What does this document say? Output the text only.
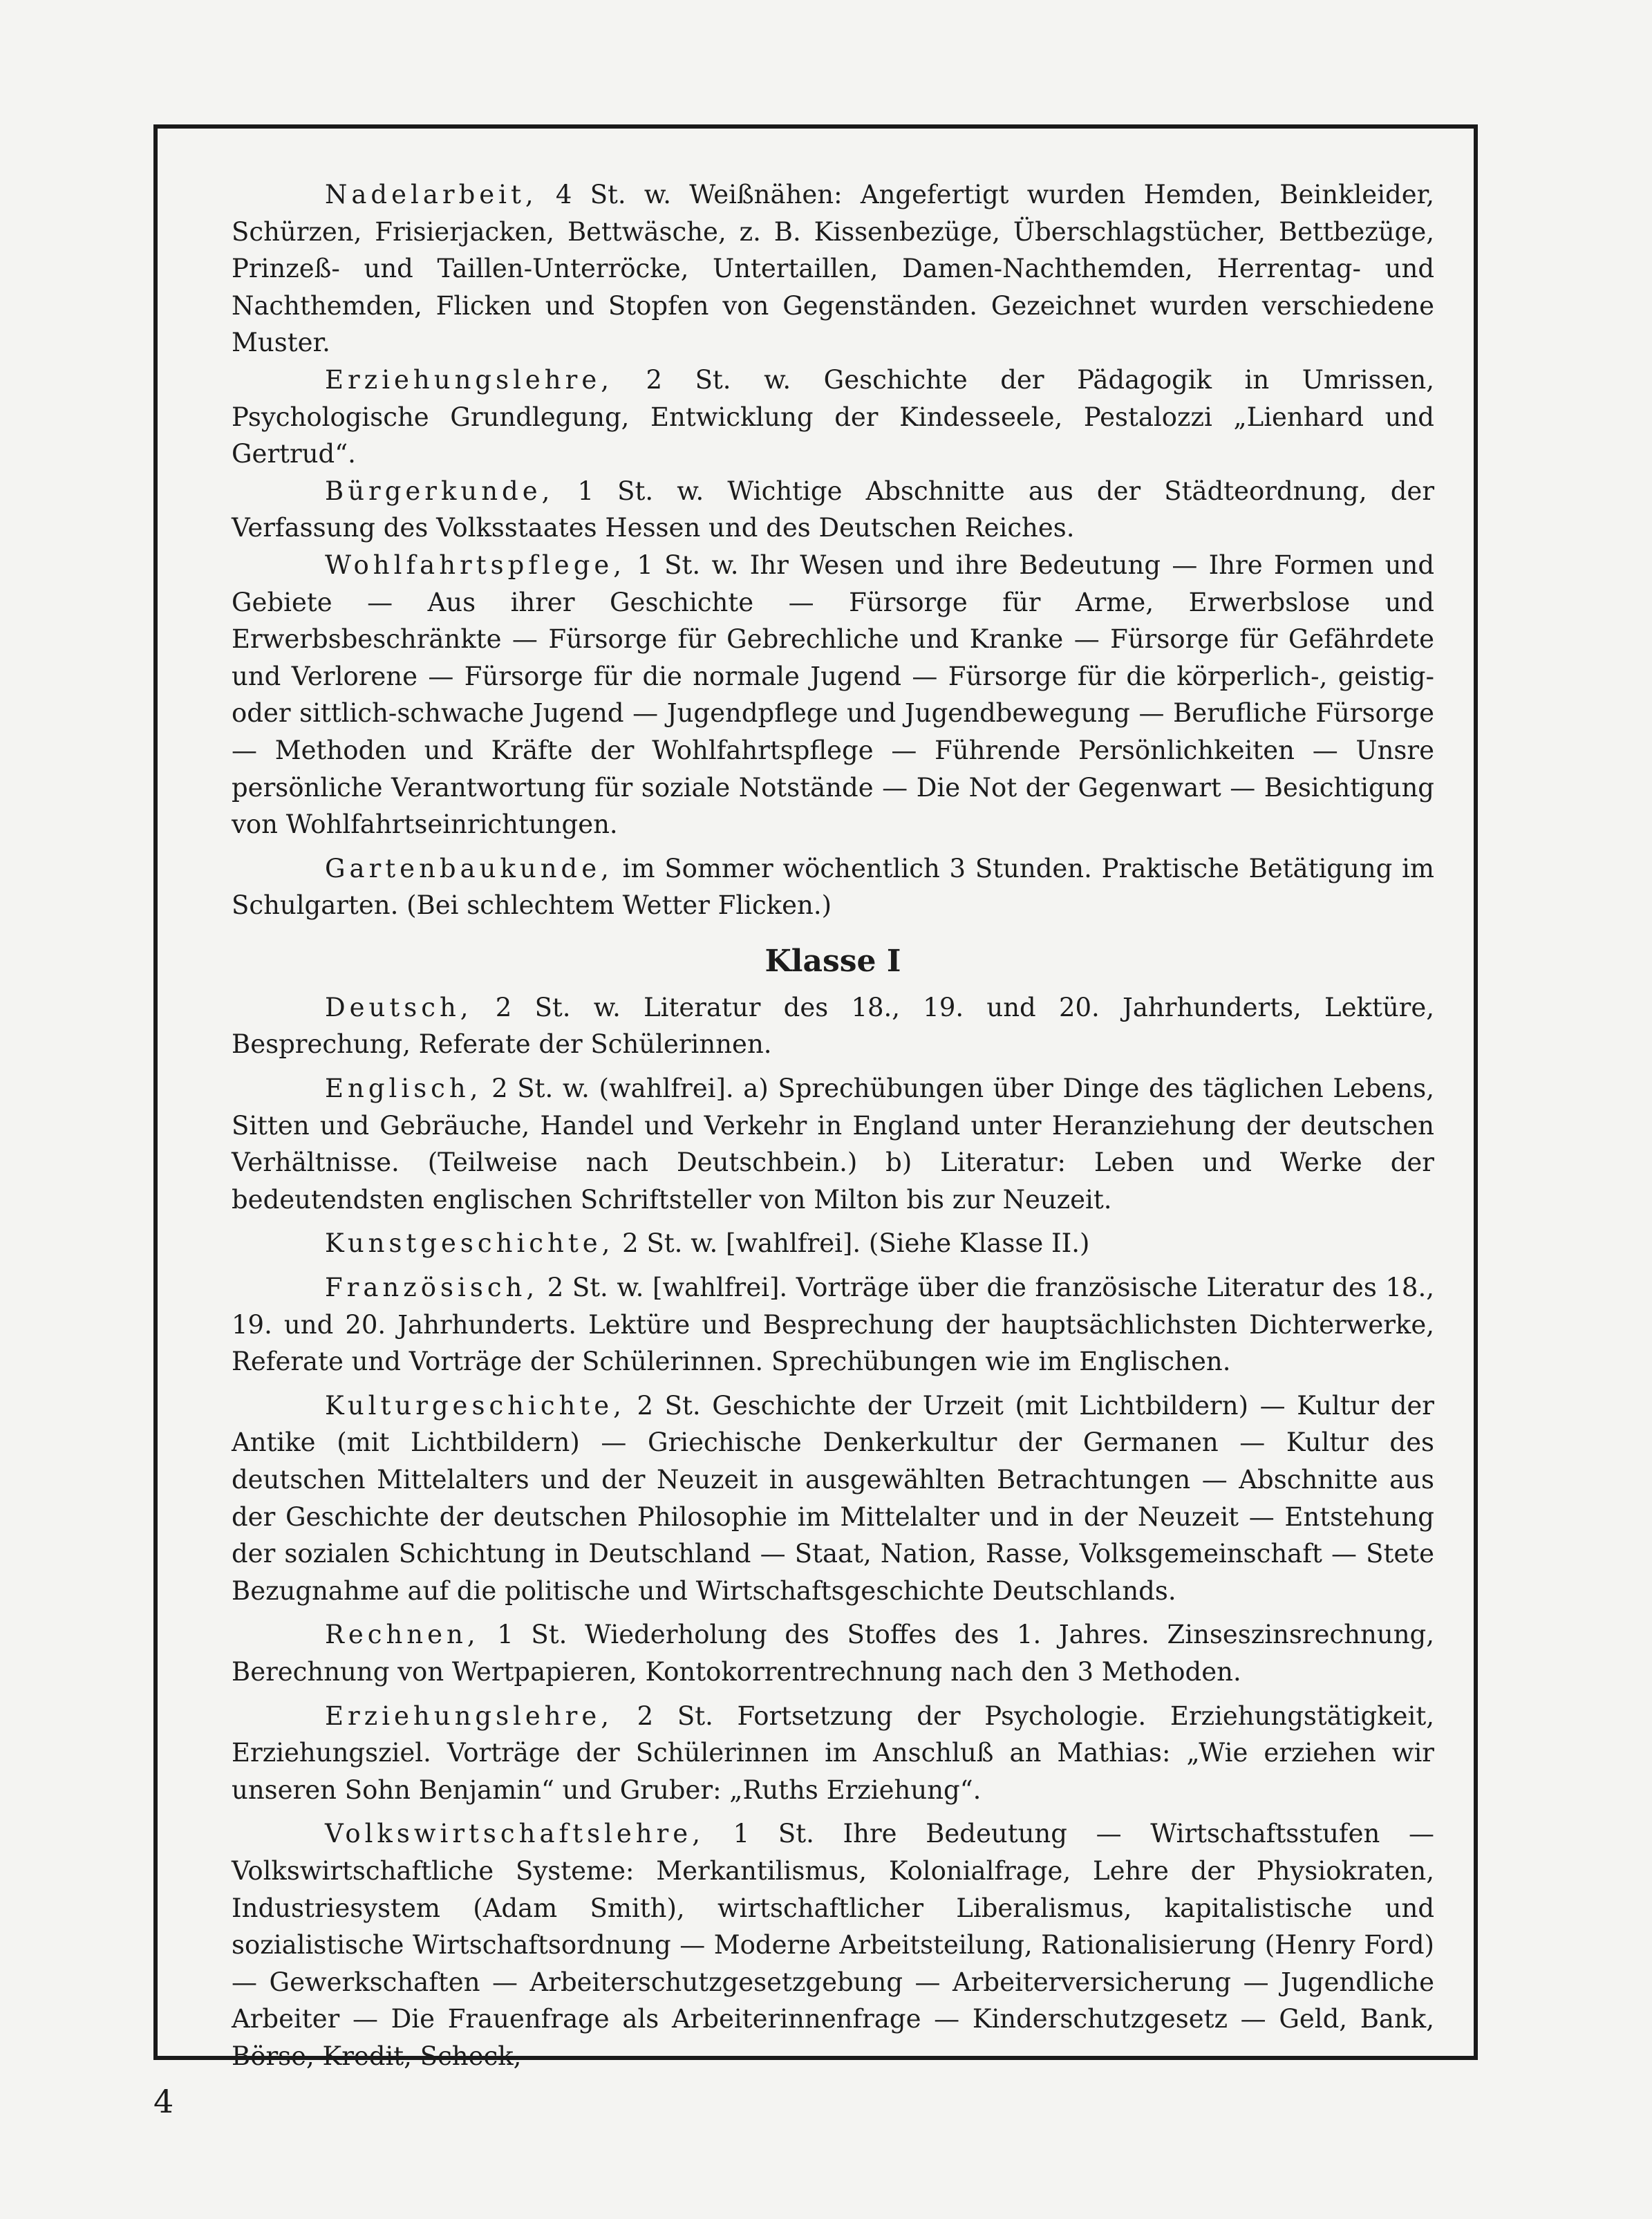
Nadelarbeit, 4 St. w. Weißnähen: Angefertigt wurden Hemden, Beinkleider, Schürzen, Frisierjacken, Bettwäsche, z. B. Kissenbezüge, Überschlagstücher, Bettbezüge, Prinzeß- und Taillen-Unterröcke, Untertaillen, Damen-Nachthemden, Herrentag- und Nachthemden, Flicken und Stopfen von Gegenständen. Gezeichnet wurden verschiedene Muster.

Erziehungslehre, 2 St. w. Geschichte der Pädagogik in Umrissen, Psychologische Grundlegung, Entwicklung der Kindesseele, Pestalozzi „Lienhard und Gertrud“.

Bürgerkunde, 1 St. w. Wichtige Abschnitte aus der Städteordnung, der Verfassung des Volksstaates Hessen und des Deutschen Reiches.

Wohlfahrtspflege, 1 St. w. Ihr Wesen und ihre Bedeutung — Ihre Formen und Gebiete — Aus ihrer Geschichte — Fürsorge für Arme, Erwerbslose und Erwerbsbeschränkte — Fürsorge für Gebrechliche und Kranke — Fürsorge für Gefährdete und Verlorene — Fürsorge für die normale Jugend — Fürsorge für die körperlich-, geistig- oder sittlich-schwache Jugend — Jugendpflege und Jugendbewegung — Berufliche Fürsorge — Methoden und Kräfte der Wohlfahrtspflege — Führende Persönlichkeiten — Unsre persönliche Verantwortung für soziale Notstände — Die Not der Gegenwart — Besichtigung von Wohlfahrtseinrichtungen.

Gartenbaukunde, im Sommer wöchentlich 3 Stunden. Praktische Betätigung im Schulgarten. (Bei schlechtem Wetter Flicken.)

Klasse I

Deutsch, 2 St. w. Literatur des 18., 19. und 20. Jahrhunderts, Lektüre, Besprechung, Referate der Schülerinnen.

Englisch, 2 St. w. (wahlfrei]. a) Sprechübungen über Dinge des täglichen Lebens, Sitten und Gebräuche, Handel und Verkehr in England unter Heranziehung der deutschen Verhältnisse. (Teilweise nach Deutschbein.) b) Literatur: Leben und Werke der bedeutendsten englischen Schriftsteller von Milton bis zur Neuzeit.

Kunstgeschichte, 2 St. w. [wahlfrei]. (Siehe Klasse II.)

Französisch, 2 St. w. [wahlfrei]. Vorträge über die französische Literatur des 18., 19. und 20. Jahrhunderts. Lektüre und Besprechung der hauptsächlichsten Dichterwerke, Referate und Vorträge der Schülerinnen. Sprechübungen wie im Englischen.

Kulturgeschichte, 2 St. Geschichte der Urzeit (mit Lichtbildern) — Kultur der Antike (mit Lichtbildern) — Griechische Denkerkultur der Germanen — Kultur des deutschen Mittelalters und der Neuzeit in ausgewählten Betrachtungen — Abschnitte aus der Geschichte der deutschen Philosophie im Mittelalter und in der Neuzeit — Entstehung der sozialen Schichtung in Deutschland — Staat, Nation, Rasse, Volksgemeinschaft — Stete Bezugnahme auf die politische und Wirtschaftsgeschichte Deutschlands.

Rechnen, 1 St. Wiederholung des Stoffes des 1. Jahres. Zinseszinsrechnung, Berechnung von Wertpapieren, Kontokorrentrechnung nach den 3 Methoden.

Erziehungslehre, 2 St. Fortsetzung der Psychologie. Erziehungstätigkeit, Erziehungsziel. Vorträge der Schülerinnen im Anschluß an Mathias: „Wie erziehen wir unseren Sohn Benjamin“ und Gruber: „Ruths Erziehung“.

Volkswirtschaftslehre, 1 St. Ihre Bedeutung — Wirtschaftsstufen — Volkswirtschaftliche Systeme: Merkantilismus, Kolonialfrage, Lehre der Physiokraten, Industriesystem (Adam Smith), wirtschaftlicher Liberalismus, kapitalistische und sozialistische Wirtschaftsordnung — Moderne Arbeitsteilung, Rationalisierung (Henry Ford) — Gewerkschaften — Arbeiterschutzgesetzgebung — Arbeiterversicherung — Jugendliche Arbeiter — Die Frauenfrage als Arbeiterinnenfrage — Kinderschutzgesetz — Geld, Bank, Börse, Kredit, Scheck,

4
